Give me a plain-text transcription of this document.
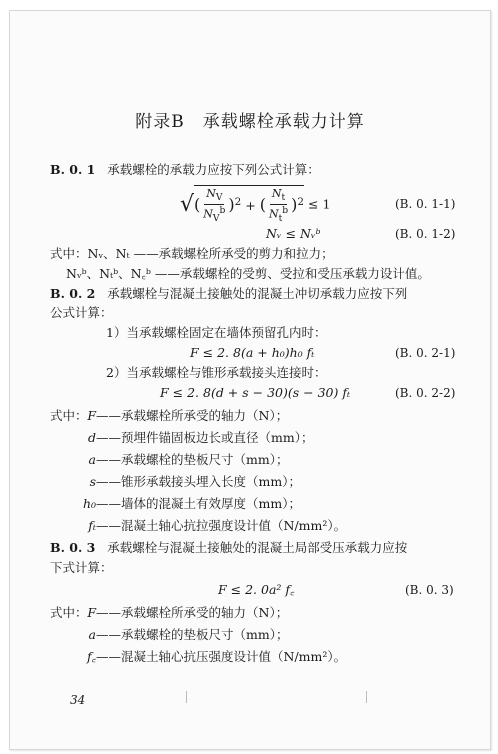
附录B　承载螺栓承载力计算
B. 0. 1 承载螺栓的承载力应按下列公式计算：
√( $\frac{N_V}{N_V^b} )^2$ + ( $\frac{N_t}{N_t^b} )^2 \le 1$	(B. 0. 1-1)
Nᵥ ≤ Nᵥᵇ	(B. 0. 1-2)
式中：Nᵥ、Nₜ ——承载螺栓所承受的剪力和拉力；
Nᵥᵇ、Nₜᵇ、N꜀ᵇ ——承载螺栓的受剪、受拉和受压承载力设计值。
B. 0. 2 承载螺栓与混凝土接触处的混凝土冲切承载力应按下列
公式计算：
1）当承载螺栓固定在墙体预留孔内时：
F ≤ 2. 8(a + h₀)h₀ fₜ	(B. 0. 2-1)
2）当承载螺栓与锥形承载接头连接时：
F ≤ 2. 8(d + s − 30)(s − 30) fₜ	(B. 0. 2-2)
式中： F——承载螺栓所承受的轴力（N）；
d——预埋件锚固板边长或直径（mm）；
a——承载螺栓的垫板尺寸（mm）；
s——锥形承载接头埋入长度（mm）；
h₀——墙体的混凝土有效厚度（mm）；
fₜ——混凝土轴心抗拉强度设计值（N/mm²）。
B. 0. 3 承载螺栓与混凝土接触处的混凝土局部受压承载力应按
下式计算：
F ≤ 2. 0a² f꜀	(B. 0. 3)
式中： F——承载螺栓所承受的轴力（N）；
a——承载螺栓的垫板尺寸（mm）；
f꜀——混凝土轴心抗压强度设计值（N/mm²）。
34
